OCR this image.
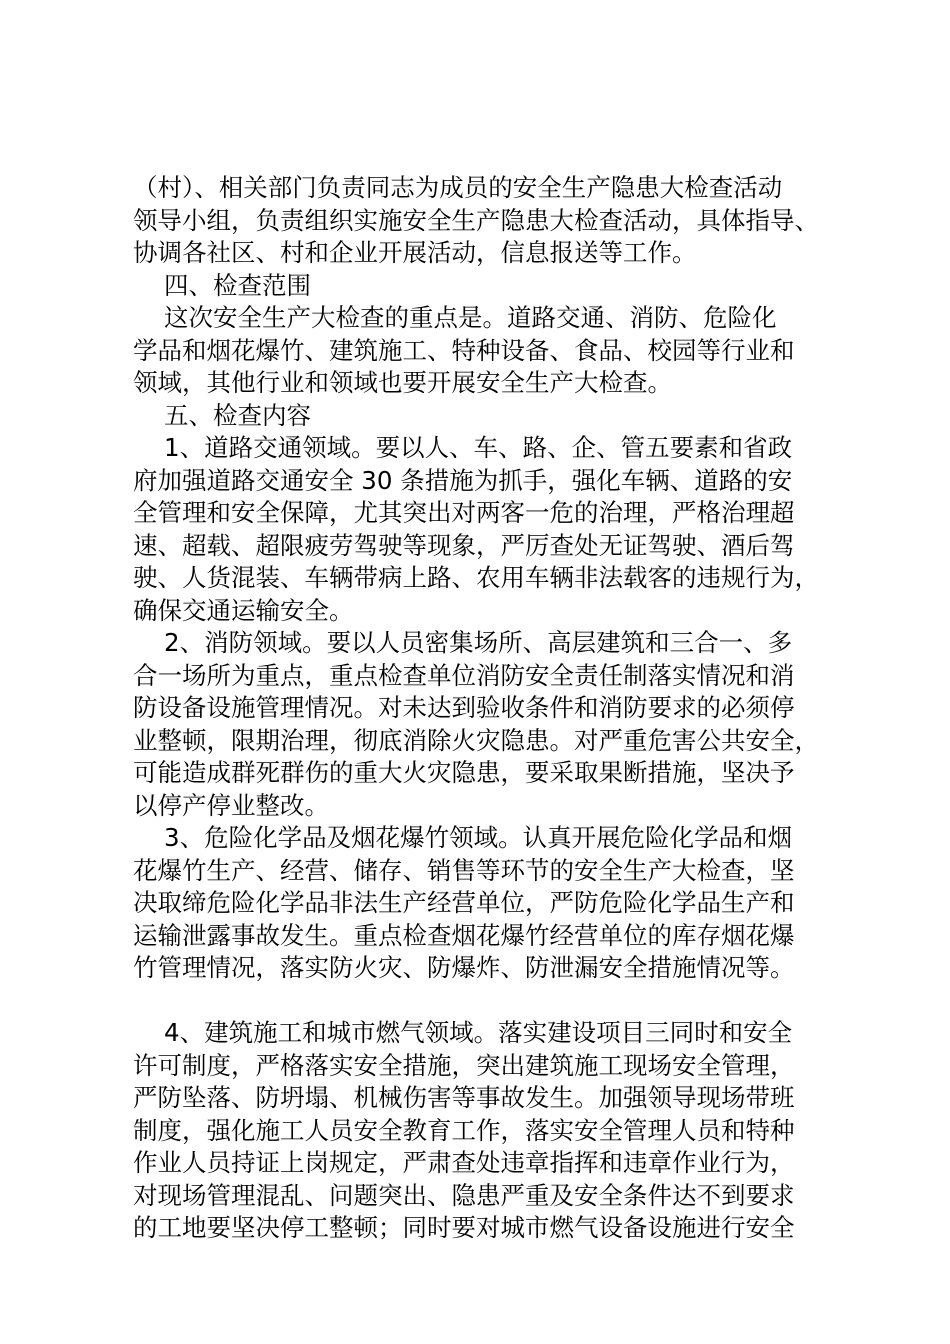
（村）、相关部门负责同志为成员的安全生产隐患大检查活动
领导小组，负责组织实施安全生产隐患大检查活动，具体指导、
协调各社区、村和企业开展活动，信息报送等工作。
四、检查范围
这次安全生产大检查的重点是。道路交通、消防、危险化
学品和烟花爆竹、建筑施工、特种设备、食品、校园等行业和
领域，其他行业和领域也要开展安全生产大检查。
五、检查内容
1、道路交通领域。要以人、车、路、企、管五要素和省政
府加强道路交通安全 30 条措施为抓手，强化车辆、道路的安
全管理和安全保障，尤其突出对两客一危的治理，严格治理超
速、超载、超限疲劳驾驶等现象，严厉查处无证驾驶、酒后驾
驶、人货混装、车辆带病上路、农用车辆非法载客的违规行为，
确保交通运输安全。
2、消防领域。要以人员密集场所、高层建筑和三合一、多
合一场所为重点，重点检查单位消防安全责任制落实情况和消
防设备设施管理情况。对未达到验收条件和消防要求的必须停
业整顿，限期治理，彻底消除火灾隐患。对严重危害公共安全，
可能造成群死群伤的重大火灾隐患，要采取果断措施，坚决予
以停产停业整改。
3、危险化学品及烟花爆竹领域。认真开展危险化学品和烟
花爆竹生产、经营、储存、销售等环节的安全生产大检查，坚
决取缔危险化学品非法生产经营单位，严防危险化学品生产和
运输泄露事故发生。重点检查烟花爆竹经营单位的库存烟花爆
竹管理情况，落实防火灾、防爆炸、防泄漏安全措施情况等。
4、建筑施工和城市燃气领域。落实建设项目三同时和安全
许可制度，严格落实安全措施，突出建筑施工现场安全管理，
严防坠落、防坍塌、机械伤害等事故发生。加强领导现场带班
制度，强化施工人员安全教育工作，落实安全管理人员和特种
作业人员持证上岗规定，严肃查处违章指挥和违章作业行为，
对现场管理混乱、问题突出、隐患严重及安全条件达不到要求
的工地要坚决停工整顿；同时要对城市燃气设备设施进行安全
